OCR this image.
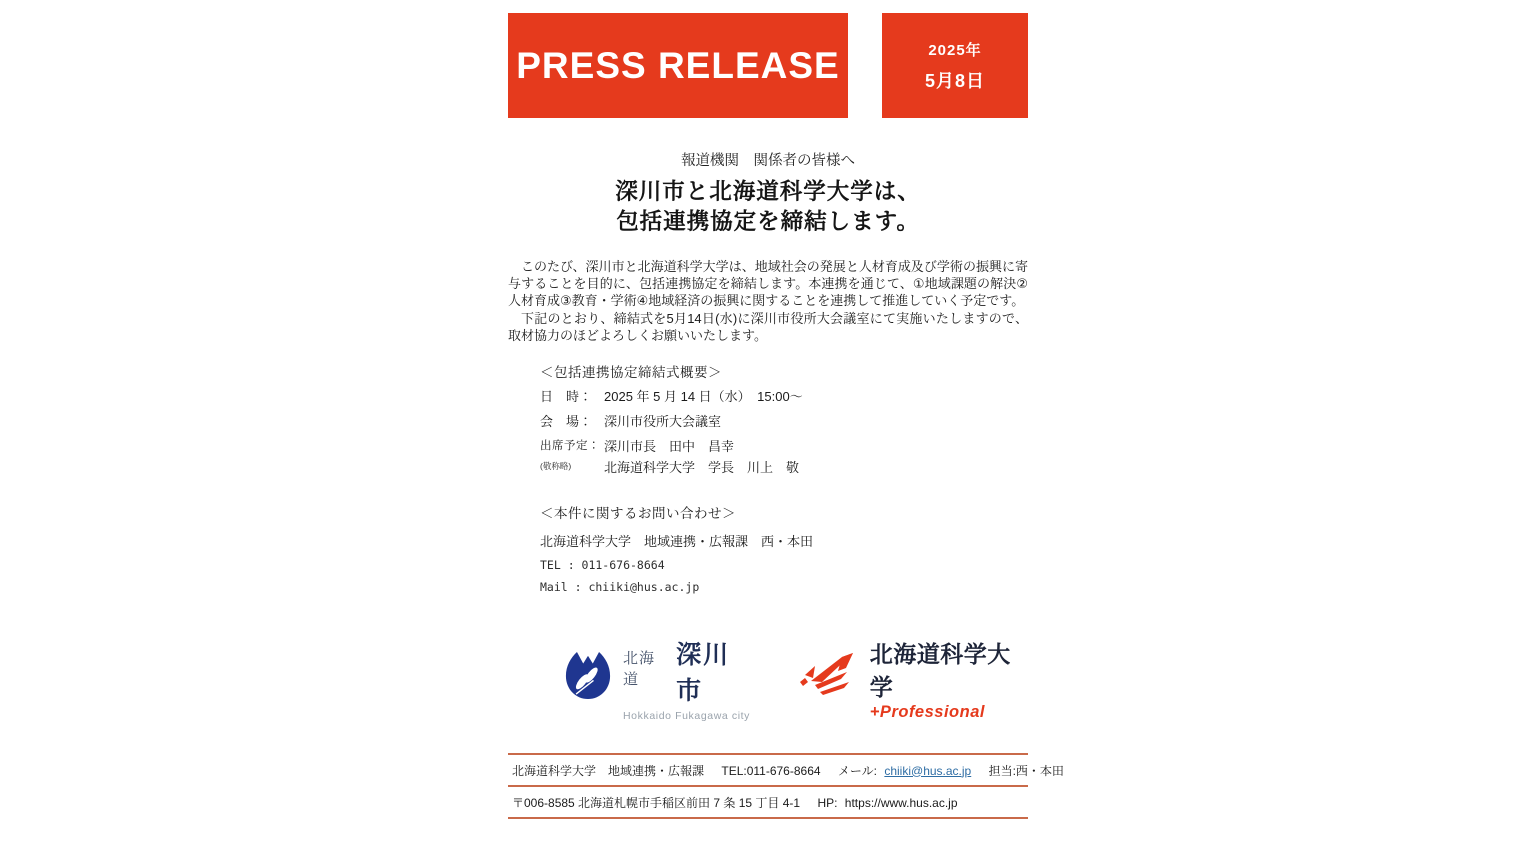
PRESS RELEASE	2025年
5月8日
報道機関　関係者の皆様へ
深川市と北海道科学大学は、
包括連携協定を締結します。

このたび、深川市と北海道科学大学は、地域社会の発展と人材育成及び学術の振興に寄与することを目的に、包括連携協定を締結します。本連携を通じて、①地域課題の解決②人材育成③教育・学術④地域経済の振興に関することを連携して推進していく予定です。

下記のとおり、締結式を5月14日(水)に深川市役所大会議室にて実施いたしますので、取材協力のほどよろしくお願いいたします。

＜包括連携協定締結式概要＞
日　時： 2025 年 5 月 14 日（水）　15:00～
会　場： 深川市役所大会議室
出席予定：
(敬称略)
深川市長　田中　昌幸
北海道科学大学　学長　川上　敬
＜本件に関するお問い合わせ＞
北海道科学大学　地域連携・広報課　西・本田
TEL : 011-676-8664
Mail : chiiki@hus.ac.jp
北海道
深川市
Hokkaido Fukagawa city
北海道科学大学
+Professional
北海道科学大学　地域連携・広報課 TEL:011-676-8664 メール: chiiki@hus.ac.jp 担当:西・本田
〒006-8585 北海道札幌市手稲区前田 7 条 15 丁目 4-1 HP: https://www.hus.ac.jp
